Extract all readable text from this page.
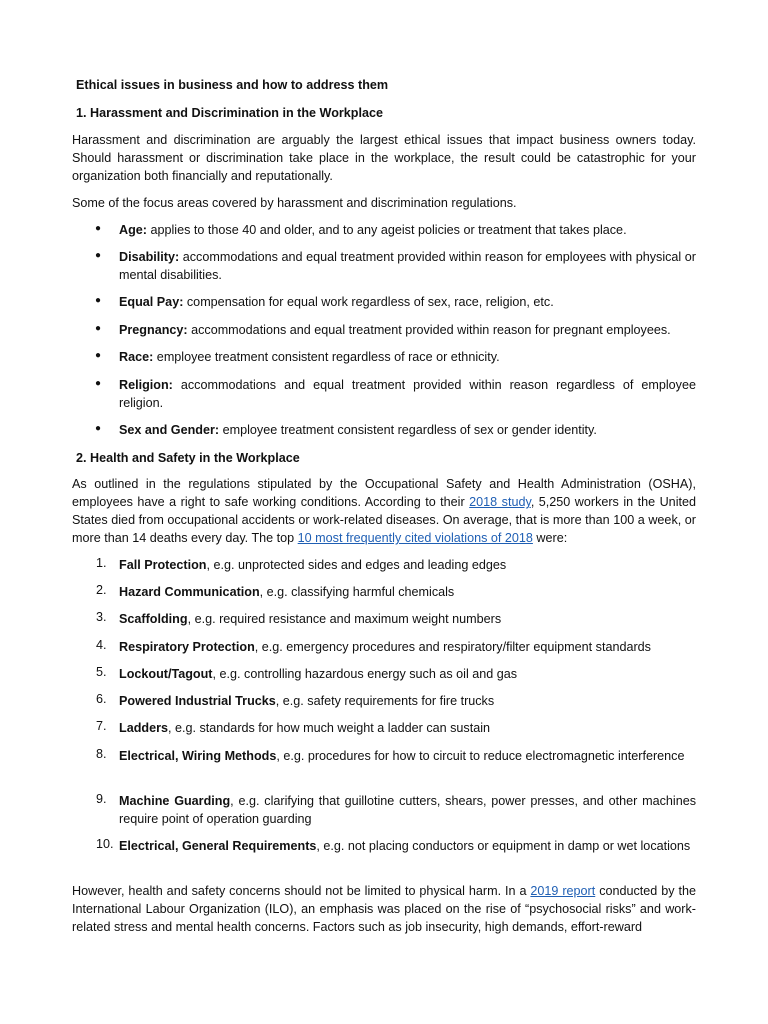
Ethical issues in business and how to address them
1. Harassment and Discrimination in the Workplace
Harassment and discrimination are arguably the largest ethical issues that impact business owners today. Should harassment or discrimination take place in the workplace, the result could be catastrophic for your organization both financially and reputationally.
Some of the focus areas covered by harassment and discrimination regulations.
● Age: applies to those 40 and older, and to any ageist policies or treatment that takes place.
● Disability: accommodations and equal treatment provided within reason for employees with physical or mental disabilities.
● Equal Pay: compensation for equal work regardless of sex, race, religion, etc.
● Pregnancy: accommodations and equal treatment provided within reason for pregnant employees.
● Race: employee treatment consistent regardless of race or ethnicity.
● Religion: accommodations and equal treatment provided within reason regardless of employee religion.
● Sex and Gender: employee treatment consistent regardless of sex or gender identity.
2. Health and Safety in the Workplace
As outlined in the regulations stipulated by the Occupational Safety and Health Administration (OSHA), employees have a right to safe working conditions. According to their 2018 study, 5,250 workers in the United States died from occupational accidents or work-related diseases. On average, that is more than 100 a week, or more than 14 deaths every day. The top 10 most frequently cited violations of 2018 were:
1. Fall Protection, e.g. unprotected sides and edges and leading edges
2. Hazard Communication, e.g. classifying harmful chemicals
3. Scaffolding, e.g. required resistance and maximum weight numbers
4. Respiratory Protection, e.g. emergency procedures and respiratory/filter equipment standards
5. Lockout/Tagout, e.g. controlling hazardous energy such as oil and gas
6. Powered Industrial Trucks, e.g. safety requirements for fire trucks
7. Ladders, e.g. standards for how much weight a ladder can sustain
8. Electrical, Wiring Methods, e.g. procedures for how to circuit to reduce electromagnetic interference
9. Machine Guarding, e.g. clarifying that guillotine cutters, shears, power presses, and other machines require point of operation guarding
10. Electrical, General Requirements, e.g. not placing conductors or equipment in damp or wet locations
However, health and safety concerns should not be limited to physical harm. In a 2019 report conducted by the International Labour Organization (ILO), an emphasis was placed on the rise of “psychosocial risks” and work-related stress and mental health concerns. Factors such as job insecurity, high demands, effort-reward
